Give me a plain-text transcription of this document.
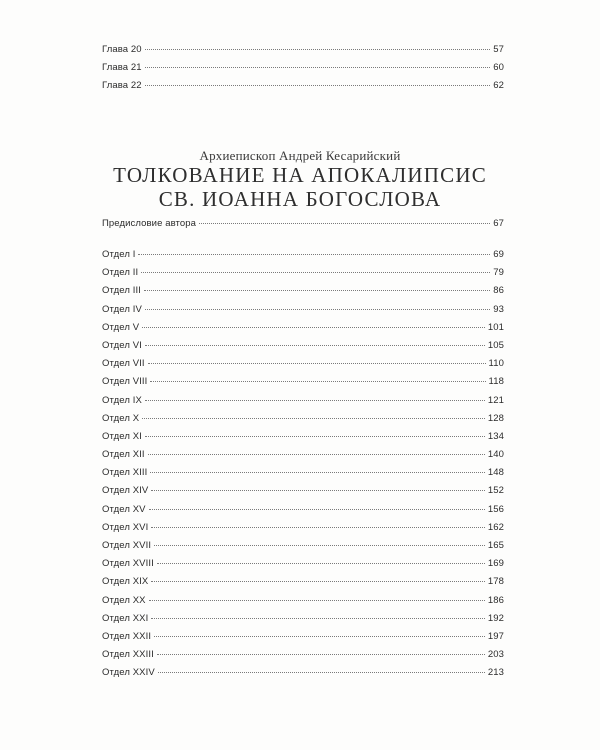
Глава 20	57
Глава 21	60
Глава 22	62
Архиепископ Андрей Кесарийский
ТОЛКОВАНИЕ НА АПОКАЛИПСИС
СВ. ИОАННА БОГОСЛОВА
Предисловие автора	67
Отдел I	69
Отдел II	79
Отдел III	86
Отдел IV	93
Отдел V	101
Отдел VI	105
Отдел VII	110
Отдел VIII	118
Отдел IX	121
Отдел X	128
Отдел XI	134
Отдел XII	140
Отдел XIII	148
Отдел XIV	152
Отдел XV	156
Отдел XVI	162
Отдел XVII	165
Отдел XVIII	169
Отдел XIX	178
Отдел XX	186
Отдел XXI	192
Отдел XXII	197
Отдел XXIII	203
Отдел XXIV	213
